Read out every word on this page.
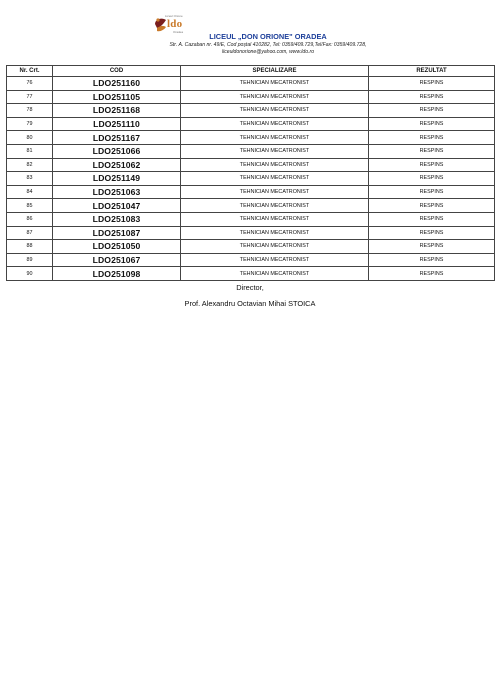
Liceul Orione
ldo
Oradea	LICEUL „DON ORIONE" ORADEA
Str. A. Cazaban nr. 49/E, Cod poștal 410282, Tel: 0359/409.729,Tel/Fax: 0359/409.728,
liceuldonorione@yahoo.com, www.ldo.ro
Nr. Crt.	COD	SPECIALIZARE	REZULTAT
76	LDO251160	TEHNICIAN MECATRONIST	RESPINS
77	LDO251105	TEHNICIAN MECATRONIST	RESPINS
78	LDO251168	TEHNICIAN MECATRONIST	RESPINS
79	LDO251110	TEHNICIAN MECATRONIST	RESPINS
80	LDO251167	TEHNICIAN MECATRONIST	RESPINS
81	LDO251066	TEHNICIAN MECATRONIST	RESPINS
82	LDO251062	TEHNICIAN MECATRONIST	RESPINS
83	LDO251149	TEHNICIAN MECATRONIST	RESPINS
84	LDO251063	TEHNICIAN MECATRONIST	RESPINS
85	LDO251047	TEHNICIAN MECATRONIST	RESPINS
86	LDO251083	TEHNICIAN MECATRONIST	RESPINS
87	LDO251087	TEHNICIAN MECATRONIST	RESPINS
88	LDO251050	TEHNICIAN MECATRONIST	RESPINS
89	LDO251067	TEHNICIAN MECATRONIST	RESPINS
90	LDO251098	TEHNICIAN MECATRONIST	RESPINS
Director,
Prof. Alexandru Octavian Mihai STOICA
